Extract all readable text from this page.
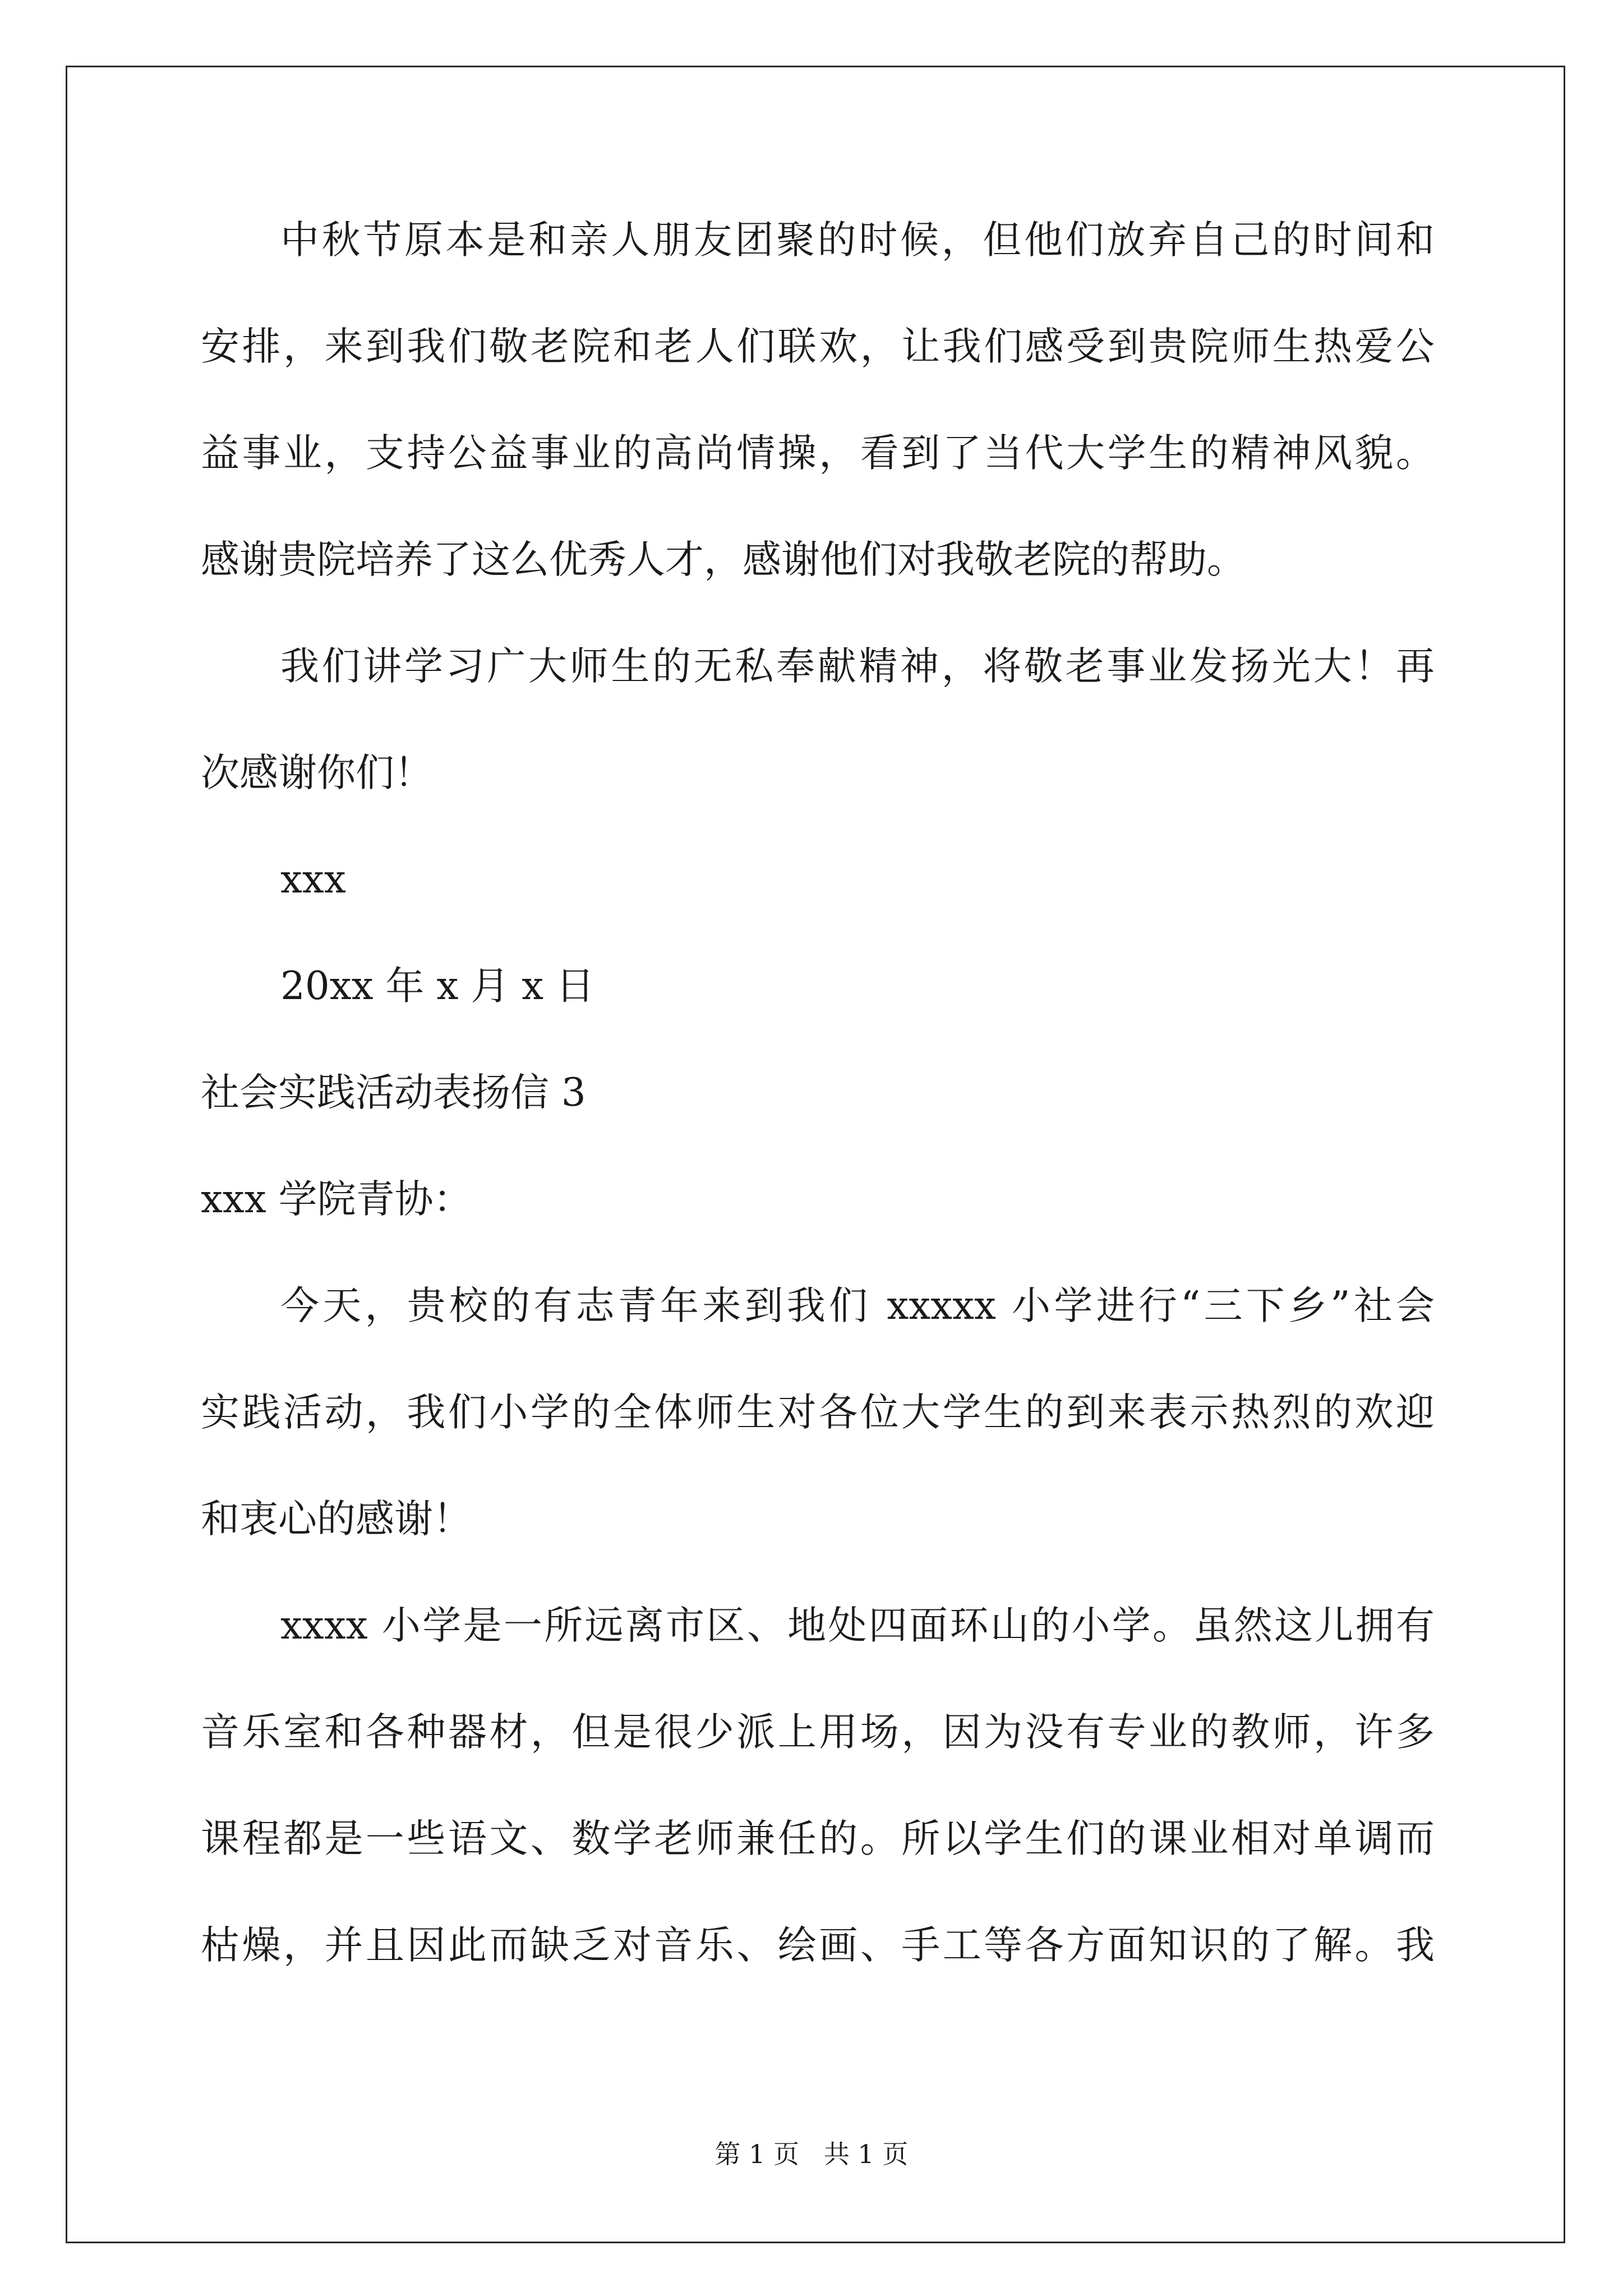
中秋节原本是和亲人朋友团聚的时候，但他们放弃自己的时间和
安排，来到我们敬老院和老人们联欢，让我们感受到贵院师生热爱公
益事业，支持公益事业的高尚情操，看到了当代大学生的精神风貌。
感谢贵院培养了这么优秀人才，感谢他们对我敬老院的帮助。
我们讲学习广大师生的无私奉献精神，将敬老事业发扬光大！再
次感谢你们！
xxx
20xx 年 x 月 x 日
社会实践活动表扬信 3
xxx 学院青协：
今天，贵校的有志青年来到我们 xxxxx 小学进行“三下乡”社会
实践活动，我们小学的全体师生对各位大学生的到来表示热烈的欢迎
和衷心的感谢！
xxxx 小学是一所远离市区、地处四面环山的小学。虽然这儿拥有
音乐室和各种器材，但是很少派上用场，因为没有专业的教师，许多
课程都是一些语文、数学老师兼任的。所以学生们的课业相对单调而
枯燥，并且因此而缺乏对音乐、绘画、手工等各方面知识的了解。我
第 1 页   共 1 页
